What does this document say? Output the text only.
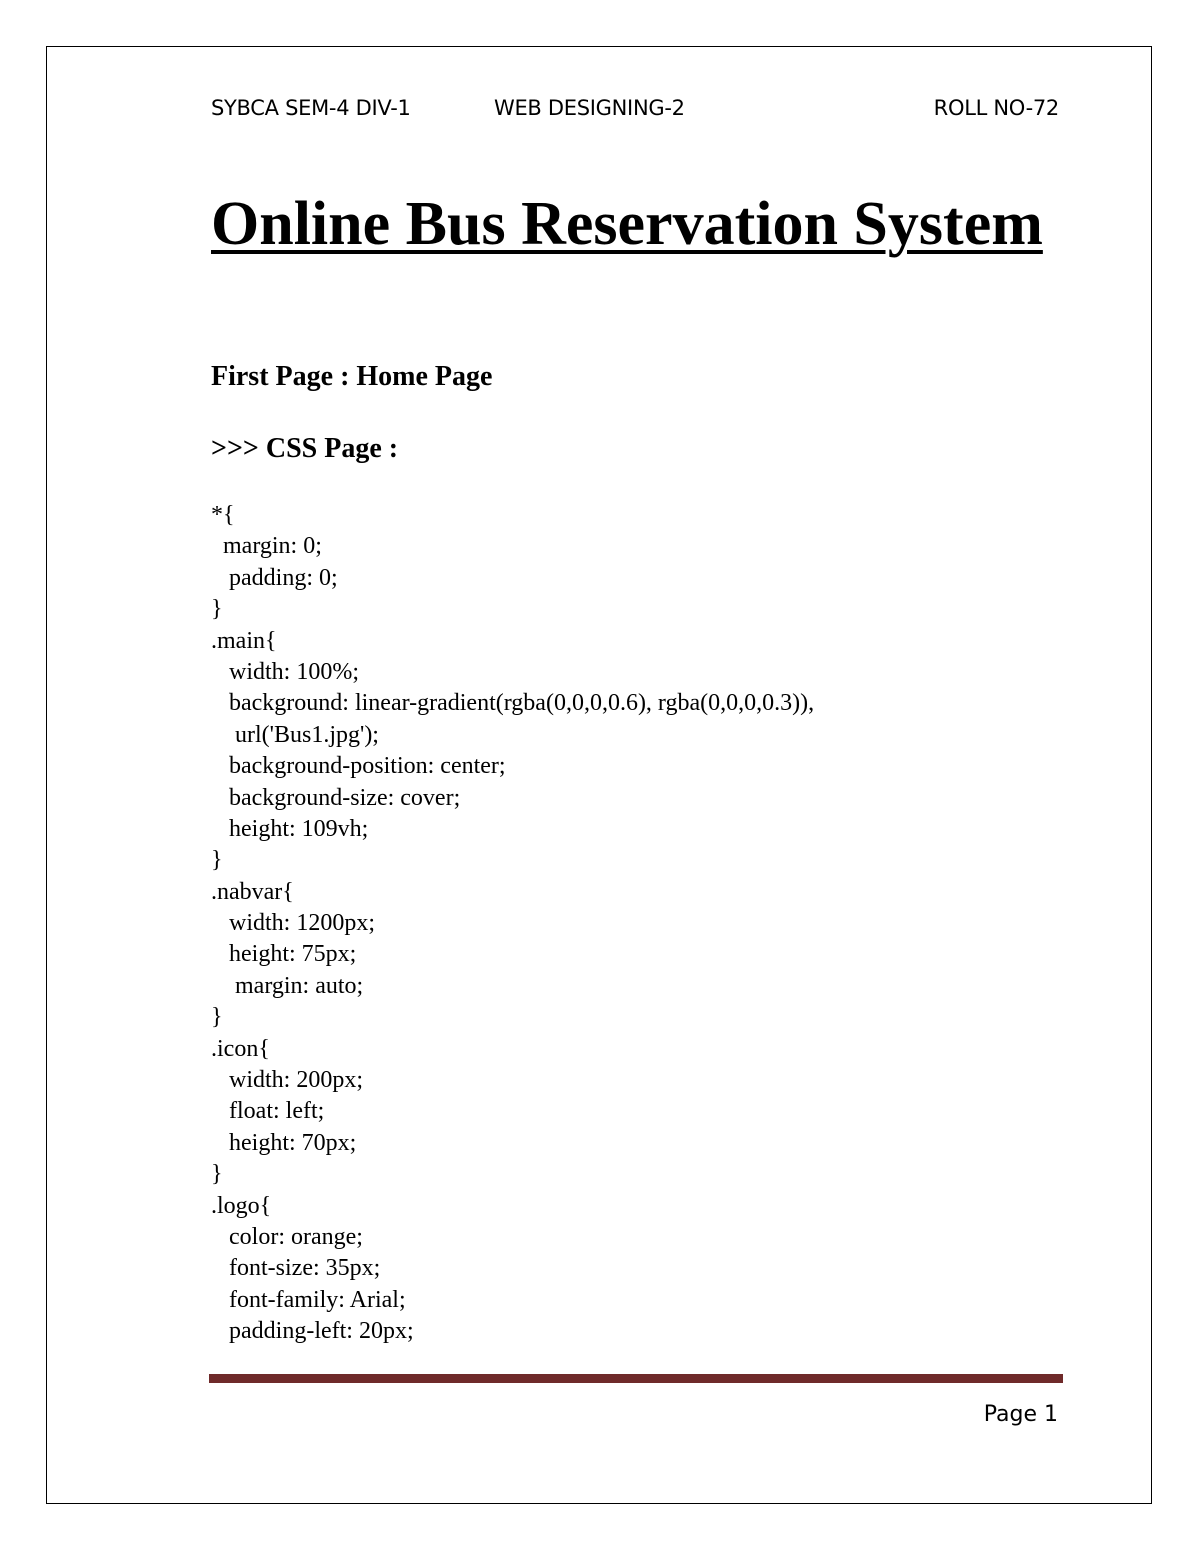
SYBCA SEM-4 DIV-1	WEB DESIGNING-2	ROLL NO-72
Online Bus Reservation System
First Page : Home Page
>>> CSS Page :
*{
margin: 0;
padding: 0;
}
.main{
width: 100%;
background: linear-gradient(rgba(0,0,0,0.6), rgba(0,0,0,0.3)),
url('Bus1.jpg');
background-position: center;
background-size: cover;
height: 109vh;
}
.nabvar{
width: 1200px;
height: 75px;
margin: auto;
}
.icon{
width: 200px;
float: left;
height: 70px;
}
.logo{
color: orange;
font-size: 35px;
font-family: Arial;
padding-left: 20px;
Page 1
